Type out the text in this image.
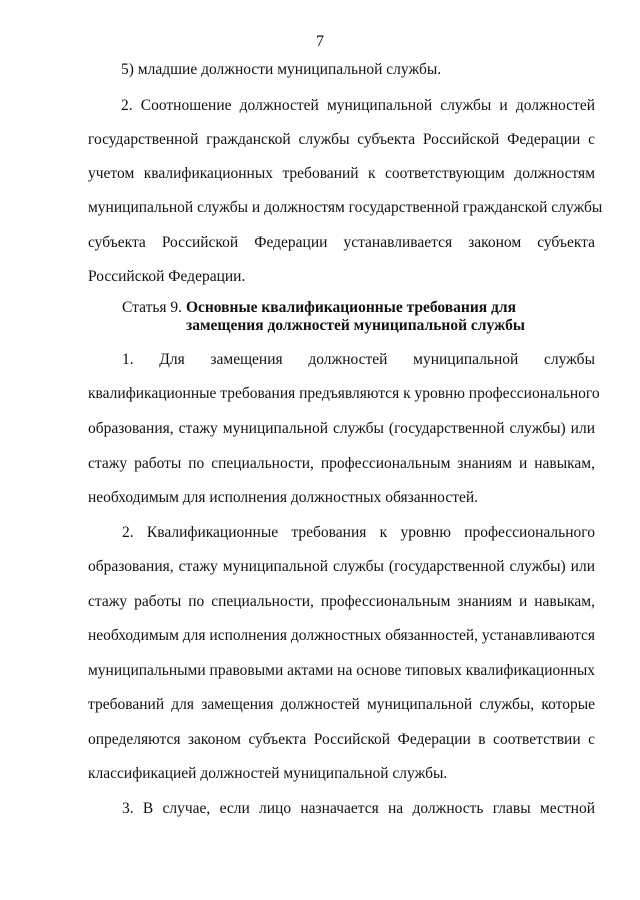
7
5) младшие должности муниципальной службы.
2. Соотношение должностей муниципальной службы и должностей
государственной гражданской службы субъекта Российской Федерации с
учетом квалификационных требований к соответствующим должностям
муниципальной службы и должностям государственной гражданской службы
субъекта Российской Федерации устанавливается законом субъекта
Российской Федерации.
Статья 9. Основные квалификационные требования для
замещения должностей муниципальной службы
1. Для замещения должностей муниципальной службы
квалификационные требования предъявляются к уровню профессионального
образования, стажу муниципальной службы (государственной службы) или
стажу работы по специальности, профессиональным знаниям и навыкам,
необходимым для исполнения должностных обязанностей.
2. Квалификационные требования к уровню профессионального
образования, стажу муниципальной службы (государственной службы) или
стажу работы по специальности, профессиональным знаниям и навыкам,
необходимым для исполнения должностных обязанностей, устанавливаются
муниципальными правовыми актами на основе типовых квалификационных
требований для замещения должностей муниципальной службы, которые
определяются законом субъекта Российской Федерации в соответствии с
классификацией должностей муниципальной службы.
3. В случае, если лицо назначается на должность главы местной
